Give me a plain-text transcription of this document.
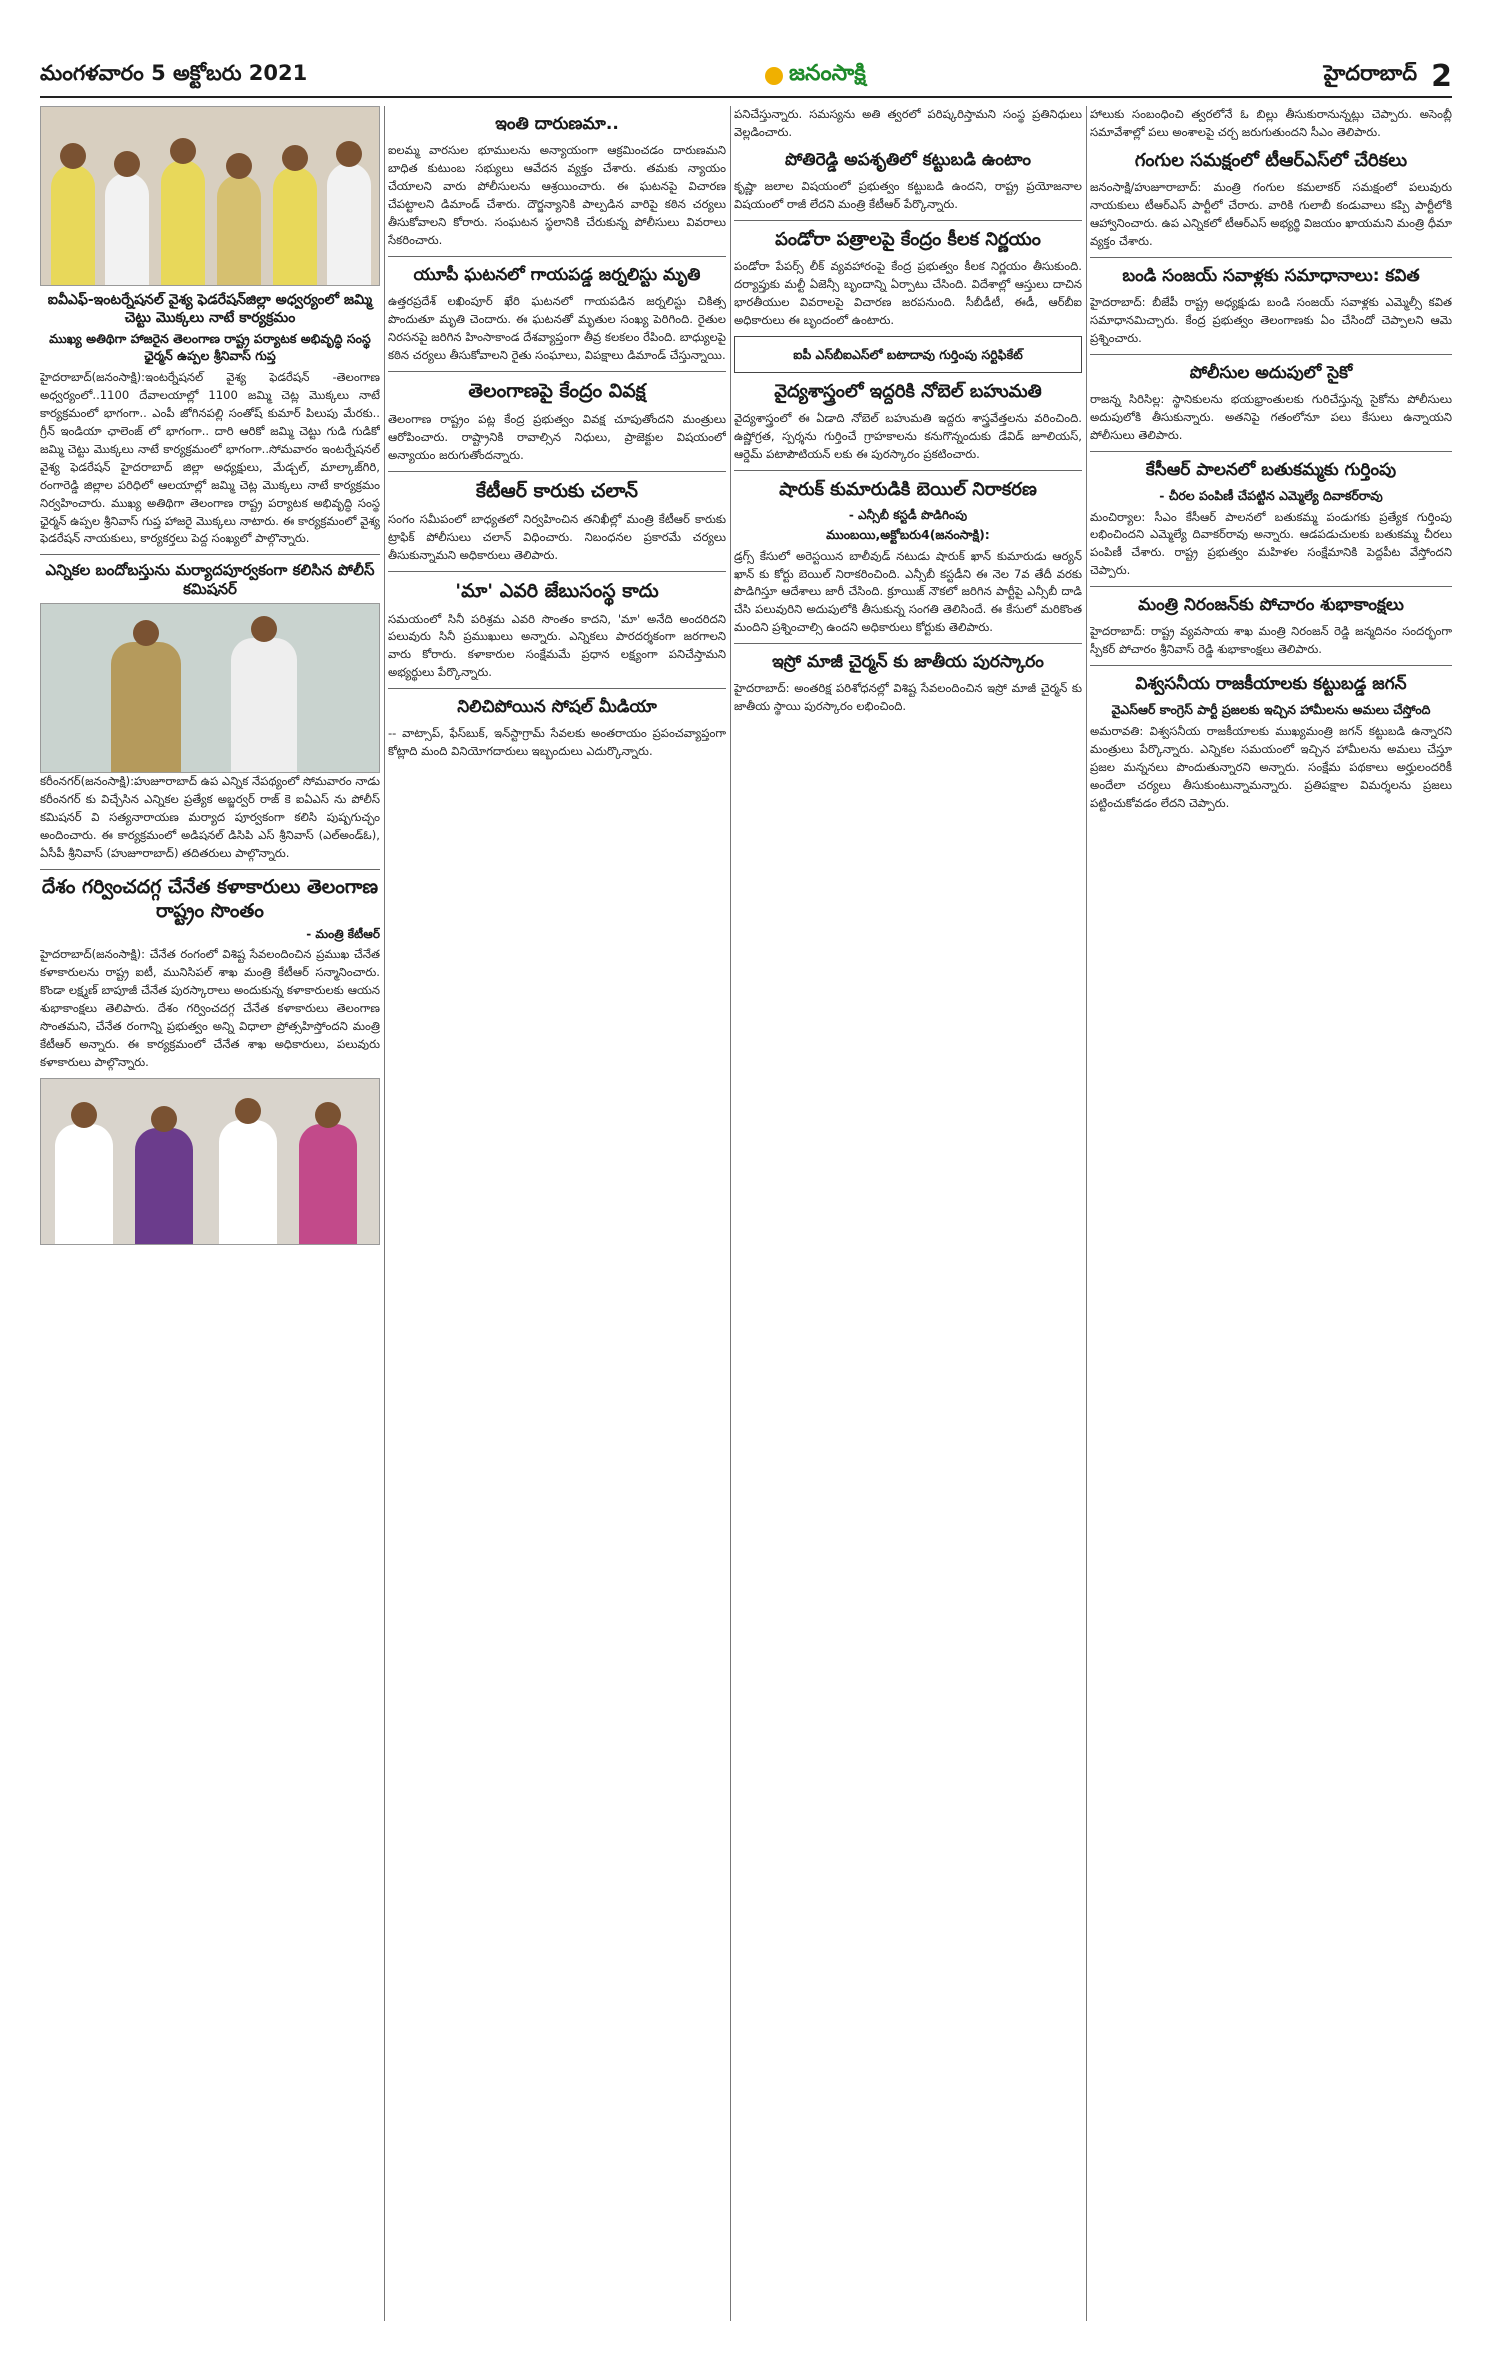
మంగళవారం 5 అక్టోబరు 2021	జనంసాక్షి	హైదరాబాద్ 2
ఐవీఎఫ్‌-ఇంటర్నేషనల్‌ వైశ్య ఫెడరేషన్‌జిల్లా అధ్వర్యంలో జమ్మి చెట్టు మొక్కలు నాటే కార్యక్రమం
ముఖ్య అతిథిగా హాజరైన తెలంగాణ రాష్ట్ర పర్యాటక అభివృద్ధి సంస్థ ఛైర్మన్‌ ఉప్పల శ్రీనివాస్‌ గుప్త

హైదరాబాద్‌(జనంసాక్షి):ఇంటర్నేషనల్‌ వైశ్య ఫెడరేషన్‌ -తెలంగాణ అధ్వర్యంలో..1100 దేవాలయాల్లో 1100 జమ్మి చెట్ల మొక్కలు నాటే కార్యక్రమంలో భాగంగా.. ఎంపీ జోగినపల్లి సంతోష్‌ కుమార్‌ పిలుపు మేరకు.. గ్రీన్‌ ఇండియా ఛాలెంజ్‌ లో భాగంగా.. దారి ఆరికో జమ్మి చెట్టు గుడి గుడికో జమ్మి చెట్టు మొక్కలు నాటే కార్యక్రమంలో భాగంగా..సోమవారం ఇంటర్నేషనల్‌ వైశ్య ఫెడరేషన్‌ హైదరాబాద్‌ జిల్లా అధ్యక్షులు, మేడ్చల్‌, మాల్కాజ్‌గిరి, రంగారెడ్డి జిల్లాల పరిధిలో ఆలయాల్లో జమ్మి చెట్ల మొక్కలు నాటే కార్యక్రమం నిర్వహించారు. ముఖ్య అతిథిగా తెలంగాణ రాష్ట్ర పర్యాటక అభివృద్ధి సంస్థ ఛైర్మన్‌ ఉప్పల శ్రీనివాస్‌ గుప్త హాజరై మొక్కలు నాటారు. ఈ కార్యక్రమంలో వైశ్య ఫెడరేషన్‌ నాయకులు, కార్యకర్తలు పెద్ద సంఖ్యలో పాల్గొన్నారు.

ఎన్నికల బందోబస్తును మర్యాదపూర్వకంగా కలిసిన పోలీస్‌ కమిషనర్‌

కరీంనగర్‌(జనంసాక్షి):హుజూరాబాద్‌ ఉప ఎన్నిక నేపథ్యంలో సోమవారం నాడు కరీంనగర్‌ కు విచ్చేసిన ఎన్నికల ప్రత్యేక అబ్జర్వర్‌ రాజ్‌ కె ఐఏఎస్‌ ను పోలీస్‌ కమిషనర్‌ వి సత్యనారాయణ మర్యాద పూర్వకంగా కలిసి పుష్పగుచ్ఛం అందించారు. ఈ కార్యక్రమంలో అడిషనల్‌ డిసిపి ఎస్‌ శ్రీనివాస్‌ (ఎల్‌అండ్‌ఓ), ఏసీపీ శ్రీనివాస్‌ (హుజూరాబాద్‌) తదితరులు పాల్గొన్నారు.

దేశం గర్వించదగ్గ చేనేత కళాకారులు తెలంగాణ రాష్ట్రం సొంతం
- మంత్రి కేటీఆర్‌

హైదరాబాద్‌(జనంసాక్షి): చేనేత రంగంలో విశిష్ట సేవలందించిన ప్రముఖ చేనేత కళాకారులను రాష్ట్ర ఐటీ, మునిసిపల్‌ శాఖ మంత్రి కేటీఆర్‌ సన్మానించారు. కొండా లక్ష్మణ్‌ బాపూజీ చేనేత పురస్కారాలు అందుకున్న కళాకారులకు ఆయన శుభాకాంక్షలు తెలిపారు. దేశం గర్వించదగ్గ చేనేత కళాకారులు తెలంగాణ సొంతమని, చేనేత రంగాన్ని ప్రభుత్వం అన్ని విధాలా ప్రోత్సహిస్తోందని మంత్రి కేటీఆర్‌ అన్నారు. ఈ కార్యక్రమంలో చేనేత శాఖ అధికారులు, పలువురు కళాకారులు పాల్గొన్నారు.

ఇంతి దారుణమా..

ఐలమ్మ వారసుల భూములను అన్యాయంగా ఆక్రమించడం దారుణమని బాధిత కుటుంబ సభ్యులు ఆవేదన వ్యక్తం చేశారు. తమకు న్యాయం చేయాలని వారు పోలీసులను ఆశ్రయించారు. ఈ ఘటనపై విచారణ చేపట్టాలని డిమాండ్‌ చేశారు. దౌర్జన్యానికి పాల్పడిన వారిపై కఠిన చర్యలు తీసుకోవాలని కోరారు. సంఘటన స్థలానికి చేరుకున్న పోలీసులు వివరాలు సేకరించారు.

యూపీ ఘటనలో గాయపడ్డ జర్నలిస్టు మృతి

ఉత్తరప్రదేశ్‌ లఖింపూర్‌ ఖేరి ఘటనలో గాయపడిన జర్నలిస్టు చికిత్స పొందుతూ మృతి చెందారు. ఈ ఘటనతో మృతుల సంఖ్య పెరిగింది. రైతుల నిరసనపై జరిగిన హింసాకాండ దేశవ్యాప్తంగా తీవ్ర కలకలం రేపింది. బాధ్యులపై కఠిన చర్యలు తీసుకోవాలని రైతు సంఘాలు, విపక్షాలు డిమాండ్‌ చేస్తున్నాయి.

తెలంగాణపై కేంద్రం వివక్ష

తెలంగాణ రాష్ట్రం పట్ల కేంద్ర ప్రభుత్వం వివక్ష చూపుతోందని మంత్రులు ఆరోపించారు. రాష్ట్రానికి రావాల్సిన నిధులు, ప్రాజెక్టుల విషయంలో అన్యాయం జరుగుతోందన్నారు.

కేటీఆర్‌ కారుకు చలాన్‌

సంగం సమీపంలో బాధ్యతలో నిర్వహించిన తనిఖీల్లో మంత్రి కేటీఆర్‌ కారుకు ట్రాఫిక్‌ పోలీసులు చలాన్‌ విధించారు. నిబంధనల ప్రకారమే చర్యలు తీసుకున్నామని అధికారులు తెలిపారు.

'మా' ఎవరి జేబుసంస్థ కాదు

సమయంలో సినీ పరిశ్రమ ఎవరి సొంతం కాదని, 'మా' అనేది అందరిదని పలువురు సినీ ప్రముఖులు అన్నారు. ఎన్నికలు పారదర్శకంగా జరగాలని వారు కోరారు. కళాకారుల సంక్షేమమే ప్రధాన లక్ష్యంగా పనిచేస్తామని అభ్యర్థులు పేర్కొన్నారు.

నిలిచిపోయిన సోషల్‌ మీడియా

-- వాట్సాప్‌, ఫేస్‌బుక్‌, ఇన్‌స్టాగ్రామ్‌ సేవలకు అంతరాయం ప్రపంచవ్యాప్తంగా కోట్లాది మంది వినియోగదారులు ఇబ్బందులు ఎదుర్కొన్నారు.

పనిచేస్తున్నారు. సమస్యను అతి త్వరలో పరిష్కరిస్తామని సంస్థ ప్రతినిధులు వెల్లడించారు.

పోతిరెడ్డి అపశృతిలో కట్టుబడి ఉంటాం

కృష్ణా జలాల విషయంలో ప్రభుత్వం కట్టుబడి ఉందని, రాష్ట్ర ప్రయోజనాల విషయంలో రాజీ లేదని మంత్రి కేటీఆర్‌ పేర్కొన్నారు.

పండోరా పత్రాలపై కేంద్రం కీలక నిర్ణయం

పండోరా పేపర్స్‌ లీక్‌ వ్యవహారంపై కేంద్ర ప్రభుత్వం కీలక నిర్ణయం తీసుకుంది. దర్యాప్తుకు మల్టీ ఏజెన్సీ బృందాన్ని ఏర్పాటు చేసింది. విదేశాల్లో ఆస్తులు దాచిన భారతీయుల వివరాలపై విచారణ జరపనుంది. సీబీడీటీ, ఈడీ, ఆర్‌బీఐ అధికారులు ఈ బృందంలో ఉంటారు.

ఐపీ ఎస్‌బీఐఎస్‌లో బటాదావు గుర్తింపు సర్టిఫికేట్‌
వైద్యశాస్త్రంలో ఇద్దరికి నోబెల్‌ బహుమతి

వైద్యశాస్త్రంలో ఈ ఏడాది నోబెల్‌ బహుమతి ఇద్దరు శాస్త్రవేత్తలను వరించింది. ఉష్ణోగ్రత, స్పర్శను గుర్తించే గ్రాహకాలను కనుగొన్నందుకు డేవిడ్‌ జూలియస్‌, ఆర్డెమ్‌ పటాపౌటియన్‌ లకు ఈ పురస్కారం ప్రకటించారు.

షారుక్‌ కుమారుడికి బెయిల్‌ నిరాకరణ
- ఎన్సీబీ కస్టడీ పొడిగింపు
ముంబయి,అక్టోబరు4(జనంసాక్షి):

డ్రగ్స్‌ కేసులో అరెస్టయిన బాలీవుడ్‌ నటుడు షారుక్‌ ఖాన్‌ కుమారుడు ఆర్యన్‌ ఖాన్‌ కు కోర్టు బెయిల్‌ నిరాకరించింది. ఎన్సీబీ కస్టడీని ఈ నెల 7వ తేదీ వరకు పొడిగిస్తూ ఆదేశాలు జారీ చేసింది. క్రూయిజ్‌ నౌకలో జరిగిన పార్టీపై ఎన్సీబీ దాడి చేసి పలువురిని అదుపులోకి తీసుకున్న సంగతి తెలిసిందే. ఈ కేసులో మరికొంత మందిని ప్రశ్నించాల్సి ఉందని అధికారులు కోర్టుకు తెలిపారు.

ఇస్రో మాజీ చైర్మన్ కు జాతీయ పురస్కారం

హైదరాబాద్‌: అంతరిక్ష పరిశోధనల్లో విశిష్ట సేవలందించిన ఇస్రో మాజీ చైర్మన్‌ కు జాతీయ స్థాయి పురస్కారం లభించింది.

హాలుకు సంబంధించి త్వరలోనే ఓ బిల్లు తీసుకురానున్నట్లు చెప్పారు. అసెంబ్లీ సమావేశాల్లో పలు అంశాలపై చర్చ జరుగుతుందని సీఎం తెలిపారు.

గంగుల సమక్షంలో టీఆర్‌ఎస్‌లో చేరికలు

జనంసాక్షి/హుజూరాబాద్‌: మంత్రి గంగుల కమలాకర్‌ సమక్షంలో పలువురు నాయకులు టీఆర్‌ఎస్‌ పార్టీలో చేరారు. వారికి గులాబీ కండువాలు కప్పి పార్టీలోకి ఆహ్వానించారు. ఉప ఎన్నికలో టీఆర్‌ఎస్‌ అభ్యర్థి విజయం ఖాయమని మంత్రి ధీమా వ్యక్తం చేశారు.

బండి సంజయ్‌ సవాళ్లకు సమాధానాలు: కవిత

హైదరాబాద్‌: బీజేపీ రాష్ట్ర అధ్యక్షుడు బండి సంజయ్‌ సవాళ్లకు ఎమ్మెల్సీ కవిత సమాధానమిచ్చారు. కేంద్ర ప్రభుత్వం తెలంగాణకు ఏం చేసిందో చెప్పాలని ఆమె ప్రశ్నించారు.

పోలీసుల అదుపులో సైకో

రాజన్న సిరిసిల్ల: స్థానికులను భయభ్రాంతులకు గురిచేస్తున్న సైకోను పోలీసులు అదుపులోకి తీసుకున్నారు. అతనిపై గతంలోనూ పలు కేసులు ఉన్నాయని పోలీసులు తెలిపారు.

కేసీఆర్‌ పాలనలో బతుకమ్మకు గుర్తింపు
- చీరల పంపిణీ చేపట్టిన ఎమ్మెల్యే దివాకర్‌రావు

మంచిర్యాల: సీఎం కేసీఆర్‌ పాలనలో బతుకమ్మ పండుగకు ప్రత్యేక గుర్తింపు లభించిందని ఎమ్మెల్యే దివాకర్‌రావు అన్నారు. ఆడపడుచులకు బతుకమ్మ చీరలు పంపిణీ చేశారు. రాష్ట్ర ప్రభుత్వం మహిళల సంక్షేమానికి పెద్దపీట వేస్తోందని చెప్పారు.

మంత్రి నిరంజన్‌కు పోచారం శుభాకాంక్షలు

హైదరాబాద్‌: రాష్ట్ర వ్యవసాయ శాఖ మంత్రి నిరంజన్‌ రెడ్డి జన్మదినం సందర్భంగా స్పీకర్‌ పోచారం శ్రీనివాస్‌ రెడ్డి శుభాకాంక్షలు తెలిపారు.

విశ్వసనీయ రాజకీయాలకు కట్టుబడ్డ జగన్‌
వైఎస్‌ఆర్‌ కాంగ్రెస్‌ పార్టీ ప్రజలకు ఇచ్చిన హామీలను అమలు చేస్తోంది

అమరావతి: విశ్వసనీయ రాజకీయాలకు ముఖ్యమంత్రి జగన్‌ కట్టుబడి ఉన్నారని మంత్రులు పేర్కొన్నారు. ఎన్నికల సమయంలో ఇచ్చిన హామీలను అమలు చేస్తూ ప్రజల మన్ననలు పొందుతున్నారని అన్నారు. సంక్షేమ పథకాలు అర్హులందరికీ అందేలా చర్యలు తీసుకుంటున్నామన్నారు. ప్రతిపక్షాల విమర్శలను ప్రజలు పట్టించుకోవడం లేదని చెప్పారు.
